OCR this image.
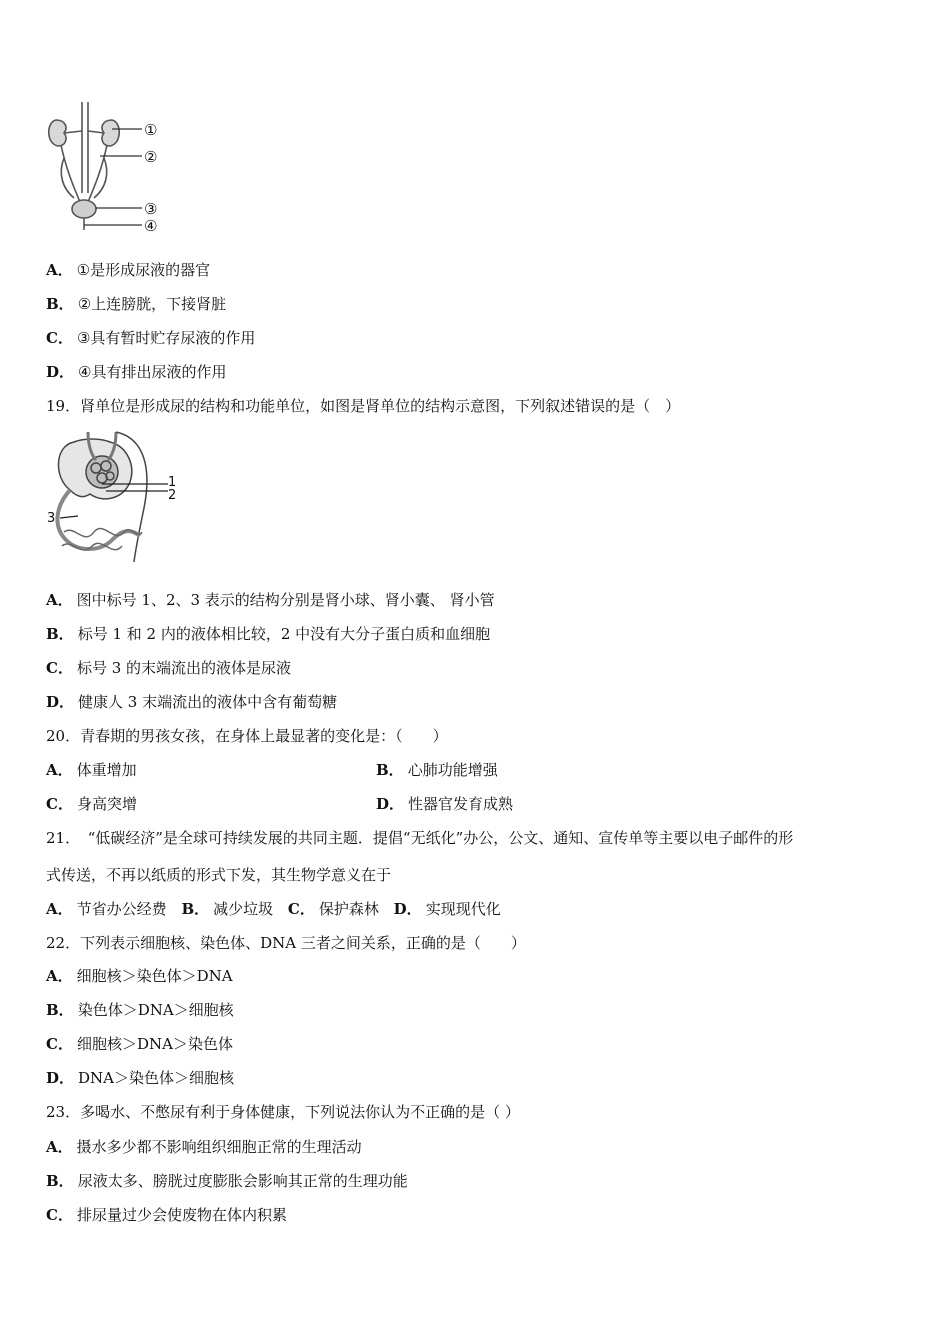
①
②
③
④
A． ①是形成尿液的器官
B． ②上连膀胱，下接肾脏
C． ③具有暂时贮存尿液的作用
D． ④具有排出尿液的作用
19．肾单位是形成尿的结构和功能单位，如图是肾单位的结构示意图，下列叙述错误的是（　）
1
2
3
A． 图中标号 1、2、3 表示的结构分别是肾小球、肾小囊、 肾小管
B． 标号 1 和 2 内的液体相比较，2 中没有大分子蛋白质和血细胞
C． 标号 3 的末端流出的液体是尿液
D． 健康人 3 末端流出的液体中含有葡萄糖
20．青春期的男孩女孩，在身体上最显著的变化是：（　　）
A． 体重增加	B． 心肺功能增强
C． 身高突增	D． 性器官发育成熟
21．　“低碳经济”是全球可持续发展的共同主题．提倡“无纸化”办公，公文、通知、宣传单等主要以电子邮件的形
式传送，不再以纸质的形式下发，其生物学意义在于
A． 节省办公经费 B． 减少垃圾 C． 保护森林 D． 实现现代化
22．下列表示细胞核、染色体、DNA 三者之间关系，正确的是（　　）
A． 细胞核＞染色体＞DNA
B． 染色体＞DNA＞细胞核
C． 细胞核＞DNA＞染色体
D． DNA＞染色体＞细胞核
23．多喝水、不憋尿有利于身体健康，下列说法你认为不正确的是（ ）
A． 摄水多少都不影响组织细胞正常的生理活动
B． 尿液太多、膀胱过度膨胀会影响其正常的生理功能
C． 排尿量过少会使废物在体内积累
